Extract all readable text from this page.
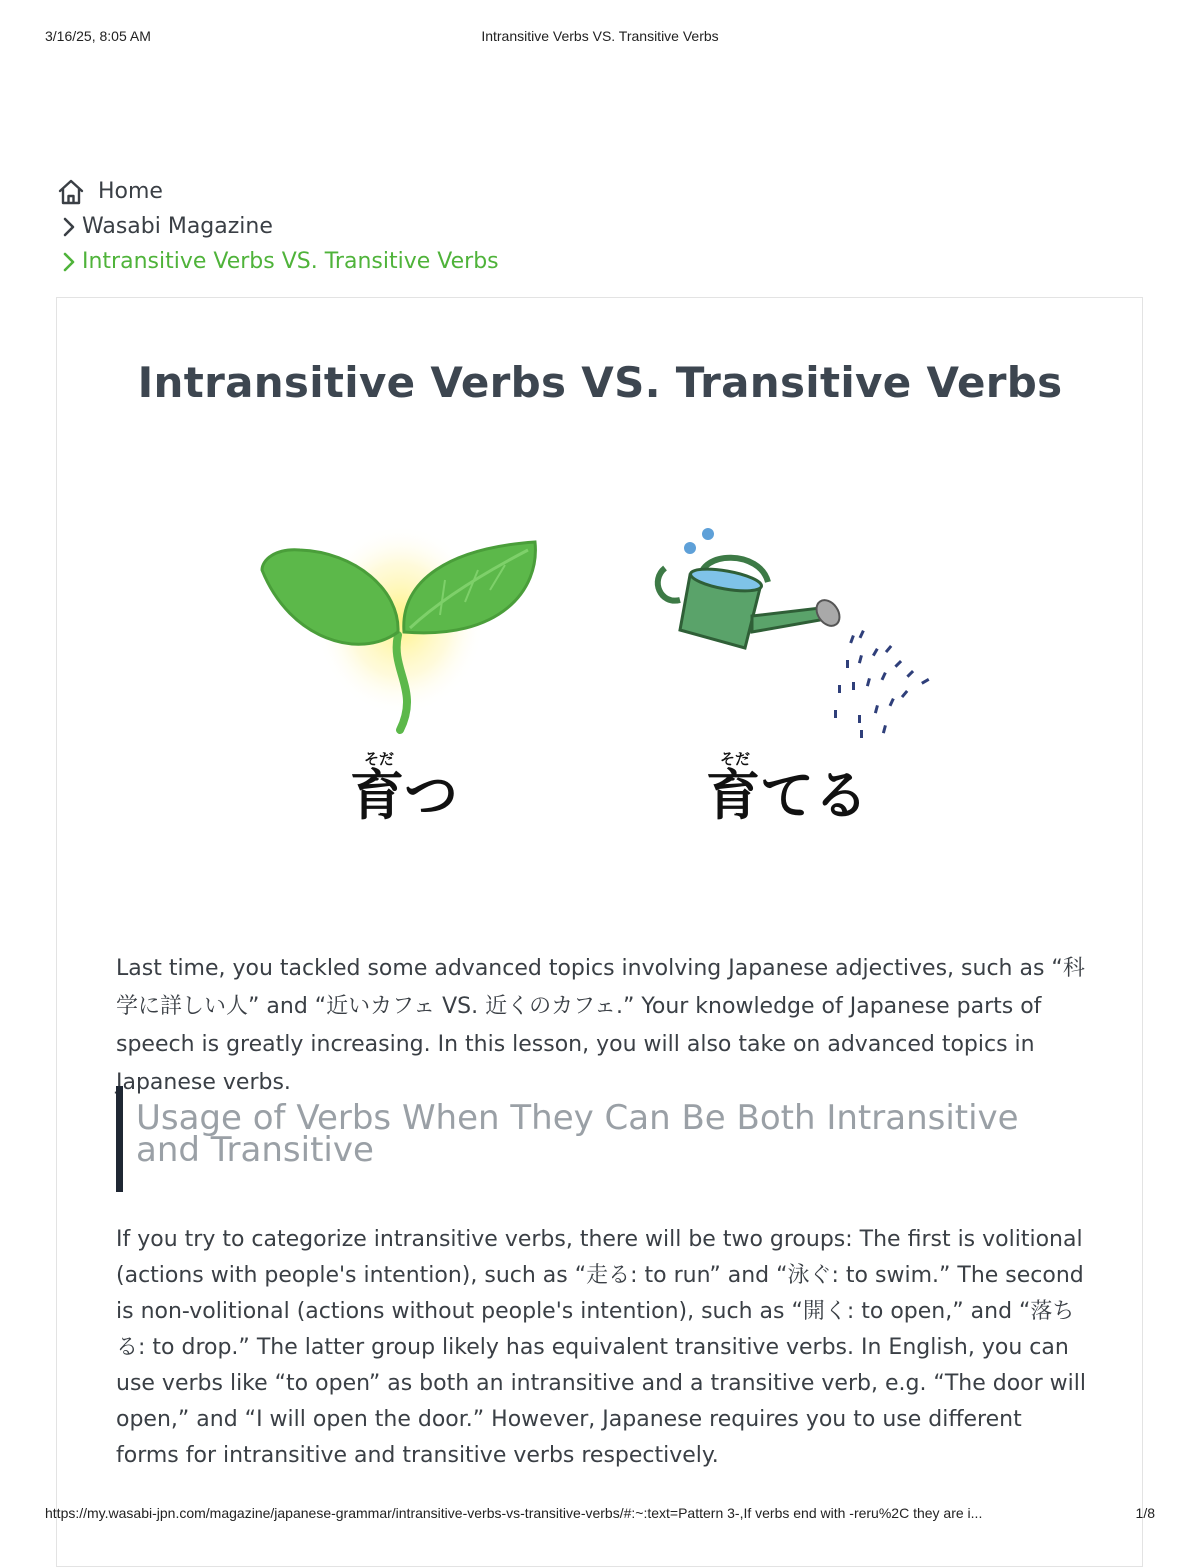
3/16/25, 8:05 AM	Intransitive Verbs VS. Transitive Verbs
Home
Wasabi Magazine
Intransitive Verbs VS. Transitive Verbs
Intransitive Verbs VS. Transitive Verbs
そだ
育つ
そだ
育てる

Last time, you tackled some advanced topics involving Japanese adjectives, such as “科学に詳しい人” and “近いカフェ VS. 近くのカフェ.” Your knowledge of Japanese parts of speech is greatly increasing. In this lesson, you will also take on advanced topics in Japanese verbs.

Usage of Verbs When They Can Be Both Intransitive and Transitive

If you try to categorize intransitive verbs, there will be two groups: The first is volitional (actions with people's intention), such as “走る: to run” and “泳ぐ: to swim.” The second is non-volitional (actions without people's intention), such as “開く: to open,” and “落ちる: to drop.” The latter group likely has equivalent transitive verbs. In English, you can use verbs like “to open” as both an intransitive and a transitive verb, e.g. “The door will open,” and “I will open the door.” However, Japanese requires you to use different forms for intransitive and transitive verbs respectively.

https://my.wasabi-jpn.com/magazine/japanese-grammar/intransitive-verbs-vs-transitive-verbs/#:~:text=Pattern 3-,If verbs end with -reru%2C they are i...	1/8
